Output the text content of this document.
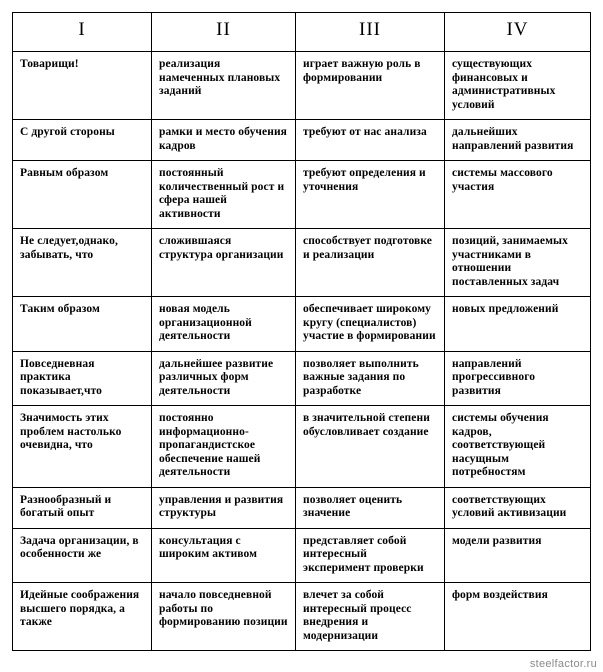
I	II	III	IV

Товарищи!	реализация намеченных плановых заданий	играет важную роль в формировании	существующих финансовых и административных условий

С другой стороны	рамки и место обучения кадров	требуют от нас анализа	дальнейших направлений развития

Равным образом	постоянный количественный рост и сфера нашей активности	требуют определения и уточнения	системы массового участия

Не следует,однако, забывать, что	сложившаяся структура организации	способствует подготовке и реализации	позиций, занимаемых участниками в отношении поставленных задач

Таким образом	новая модель организационной деятельности	обеспечивает широкому кругу (специалистов) участие в формировании	новых предложений

Повседневная практика показывает,что	дальнейшее развитие различных форм деятельности	позволяет выполнить важные задания по разработке	направлений прогрессивного развития

Значимость этих проблем настолько очевидна, что	постоянно информационно-пропагандистское обеспечение нашей деятельности	в значительной степени обусловливает создание	системы обучения кадров, соответствующей насущным потребностям

Разнообразный и богатый опыт	управления и развития структуры	позволяет оценить значение	соответствующих условий активизации

Задача организации, в особенности же	консультация с широким активом	представляет собой интересный эксперимент проверки	модели развития

Идейные соображения высшего порядка, а также	начало повседневной работы по формированию позиции	влечет за собой интересный процесс внедрения и модернизации	форм воздействия
steelfactor.ru
